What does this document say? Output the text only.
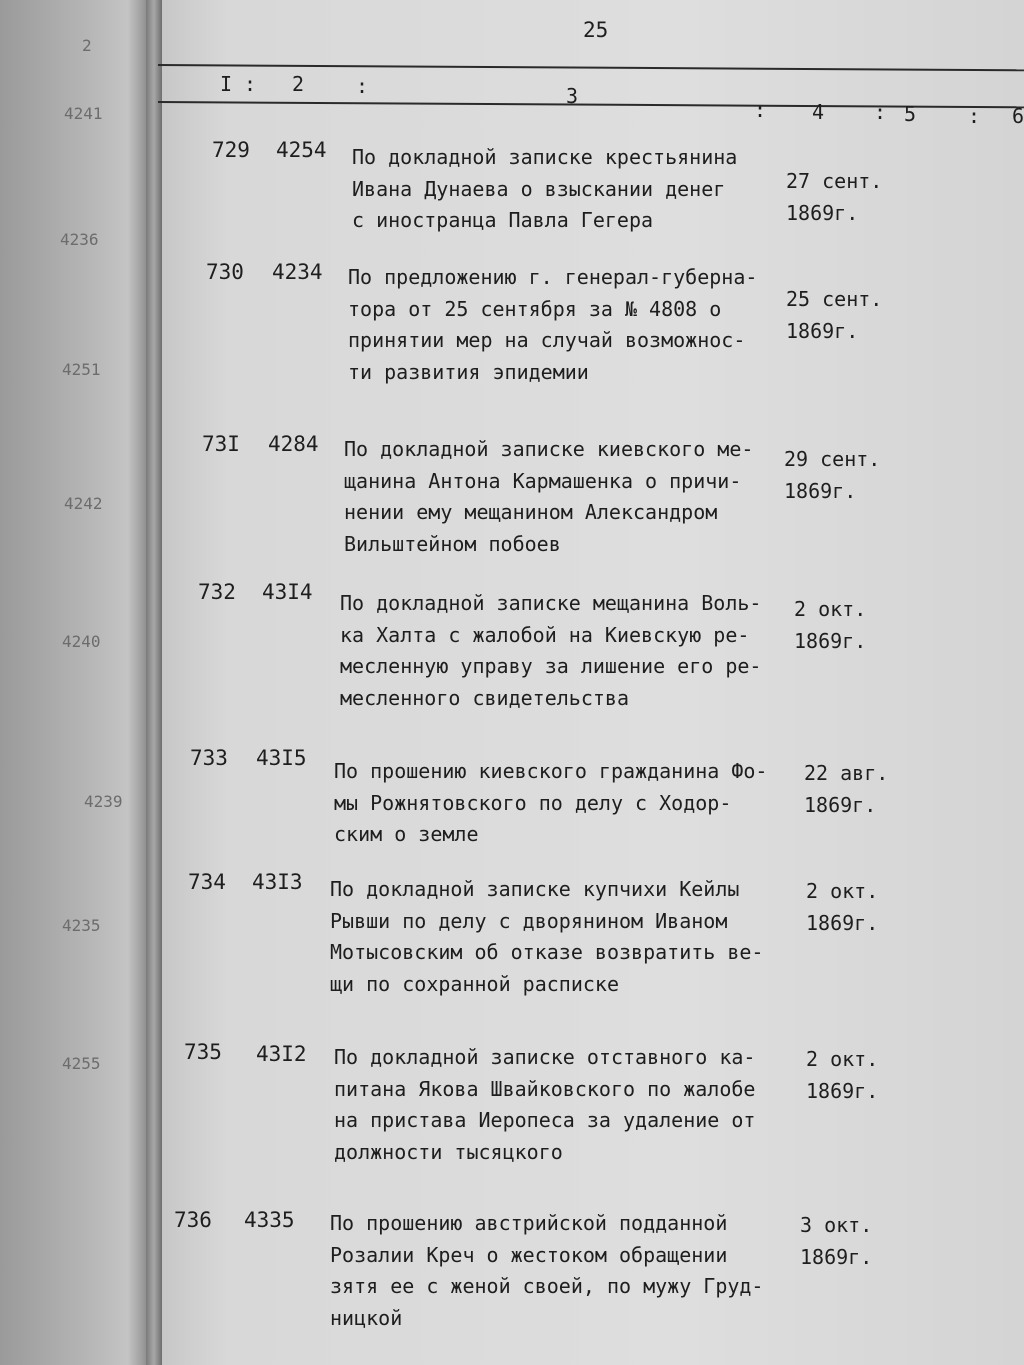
2
4241
4236
4251
4242
4240
4239
4235
4255
25
I : 2	:	3
: 4 : 5	: 6
729 4254 По докладной записке крестьянина
Ивана Дунаева о взыскании денег
с иностранца Павла Гегера
27 сент.
1869г.
730 4234 По предложению г. генерал-губерна-
тора от 25 сентября за № 4808 о
принятии мер на случай возможнос-
ти развития эпидемии
25 сент.
1869г.
73I 4284 По докладной записке киевского ме-
щанина Антона Кармашенка о причи-
нении ему мещанином Александром
Вильштейном побоев
29 сент.
1869г.
732 43I4 По докладной записке мещанина Воль-
ка Халта с жалобой на Киевскую ре-
месленную управу за лишение его ре-
месленного свидетельства
2 окт.
1869г.
733 43I5
По прошению киевского гражданина Фо-
мы Рожнятовского по делу с Ходор-
ским о земле
22 авг.
1869г.
734 43I3 По докладной записке купчихи Кейлы
Рывши по делу с дворянином Иваном
Мотысовским об отказе возвратить ве-
щи по сохранной расписке
2 окт.
1869г.
735 43I2 По докладной записке отставного ка-
питана Якова Швайковского по жалобе
на пристава Иеропеса за удаление от
должности тысяцкого
2 окт.
1869г.
736 4335 По прошению австрийской подданной
Розалии Креч о жестоком обращении
зятя ее с женой своей, по мужу Груд-
ницкой
3 окт.
1869г.
